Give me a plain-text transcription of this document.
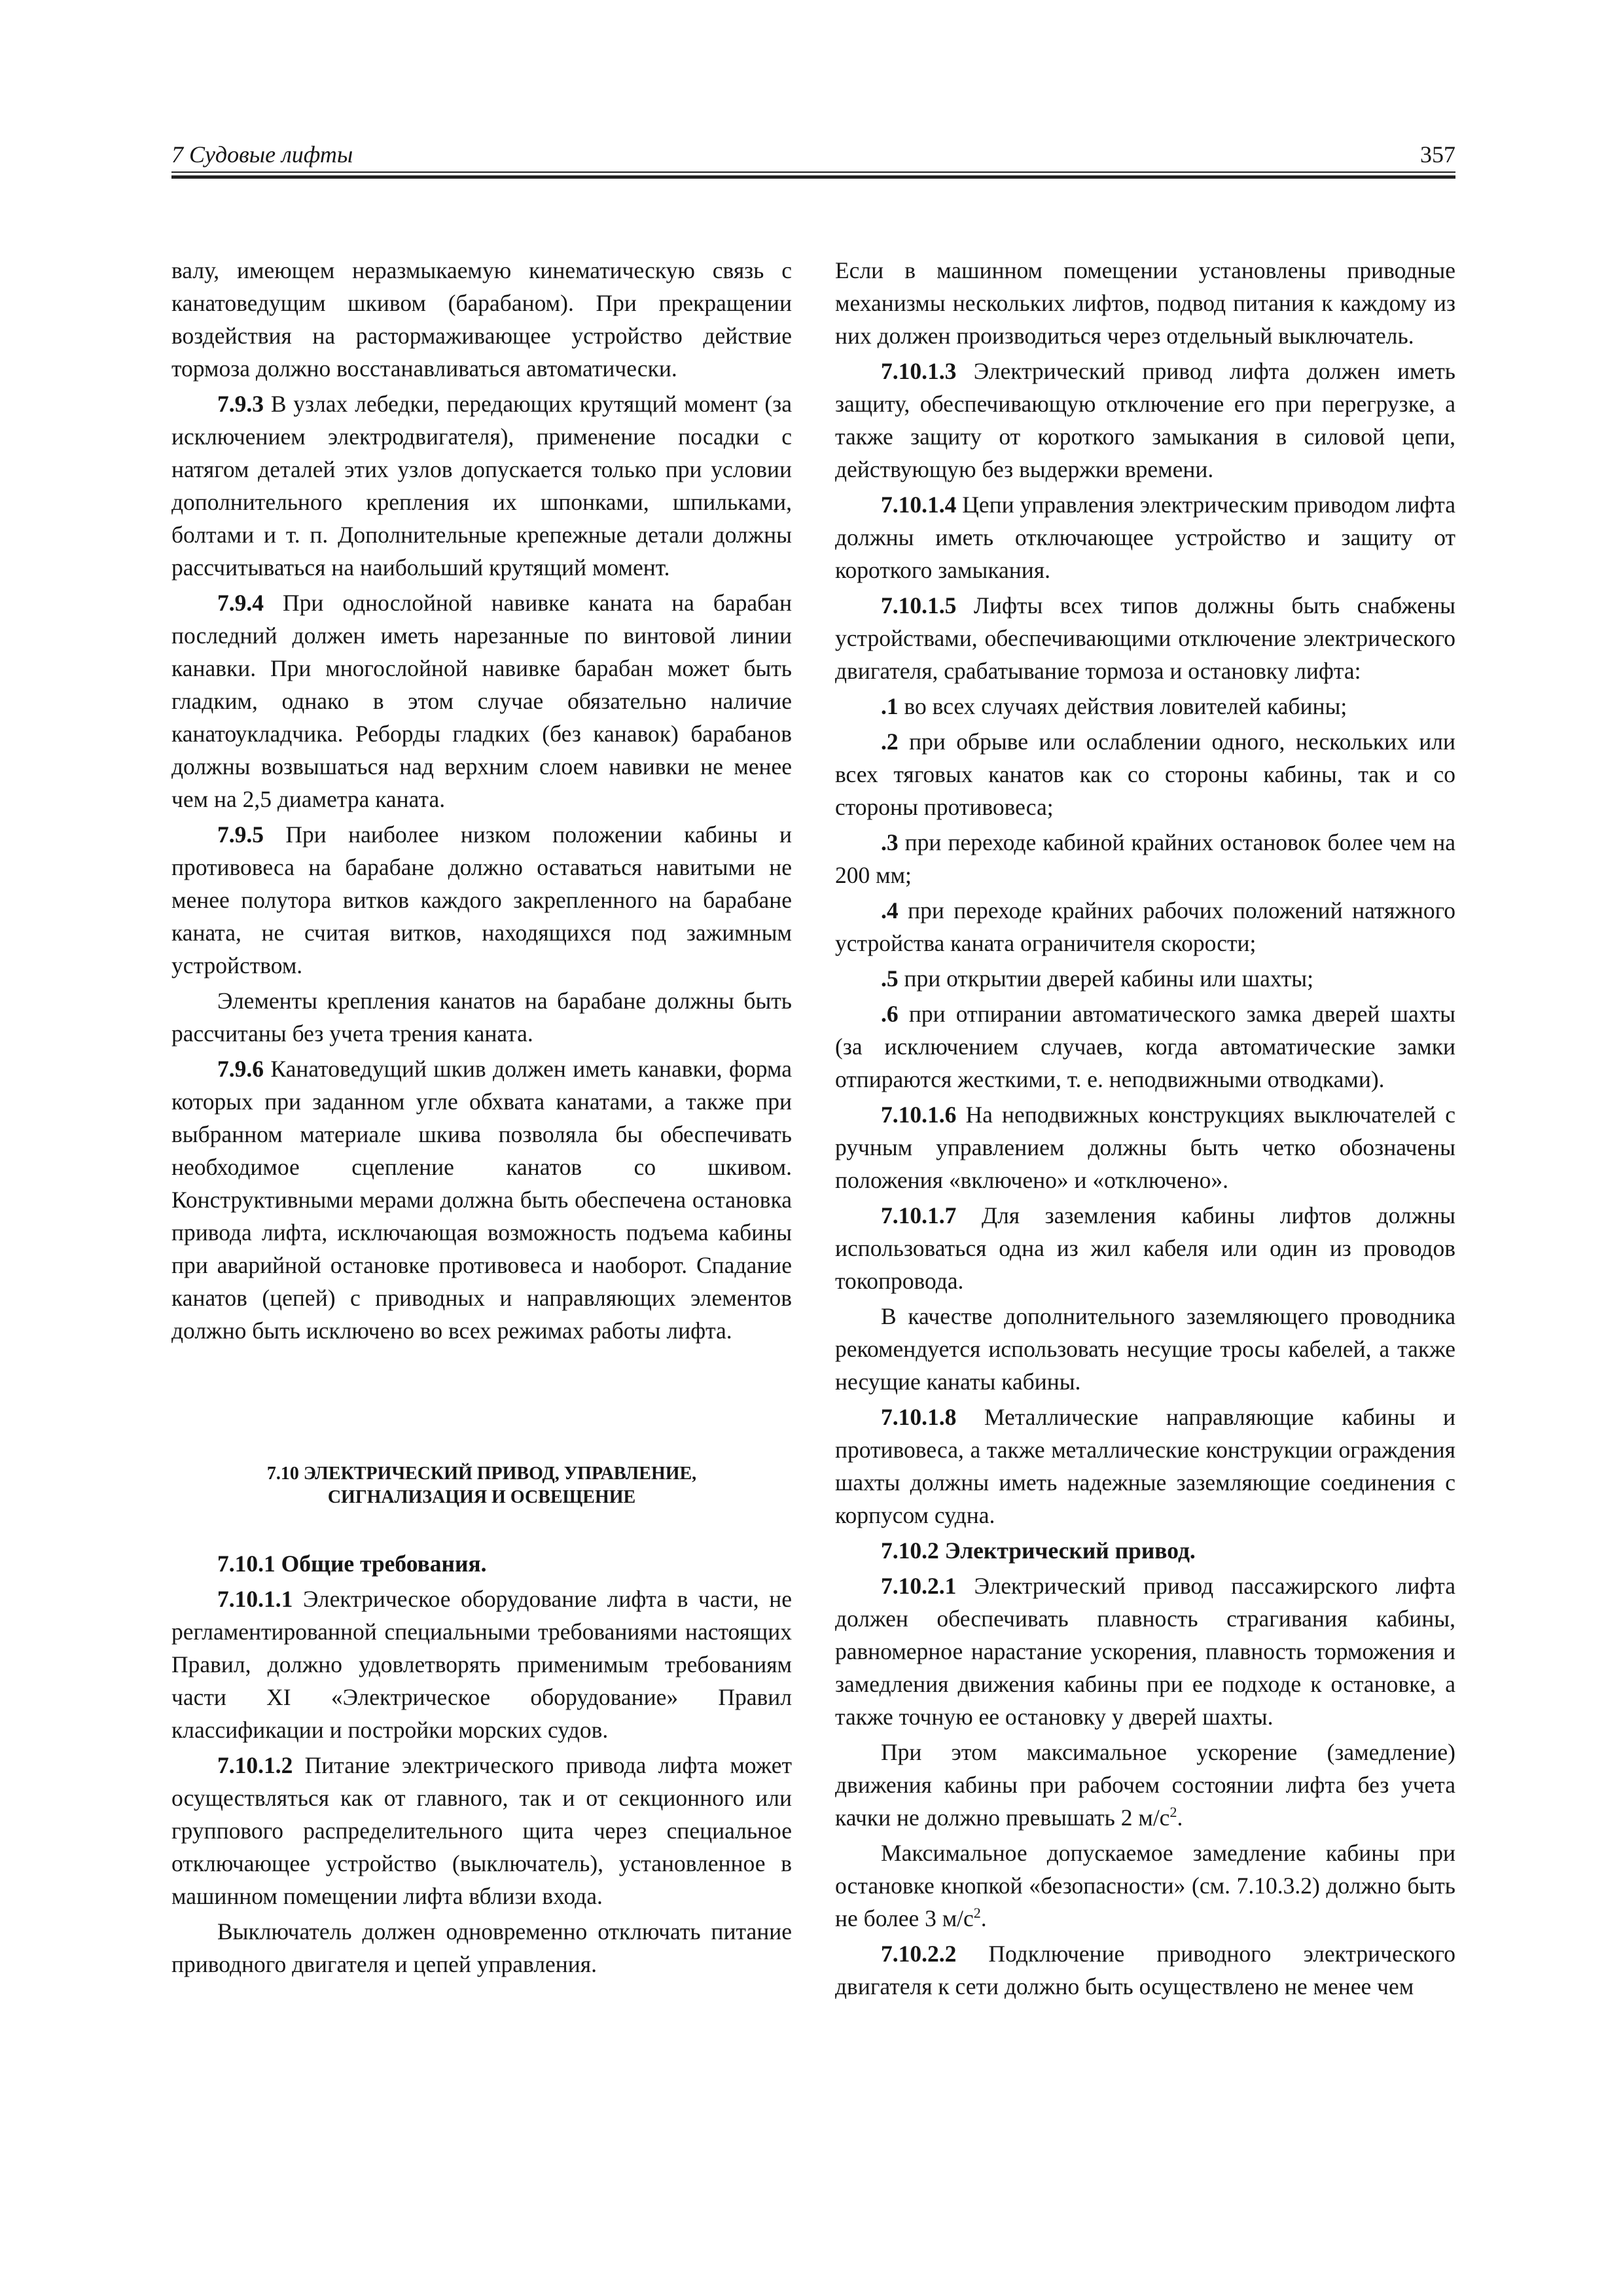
7 Судовые лифты	357

валу, имеющем неразмыкаемую кинематическую связь с канатоведущим шкивом (барабаном). При прекращении воздействия на растормаживающее устройство действие тормоза должно восстанавливаться автоматически.

7.9.3 В узлах лебедки, передающих крутящий момент (за исключением электродвигателя), применение посадки с натягом деталей этих узлов допускается только при условии дополнительного крепления их шпонками, шпильками, болтами и т. п. Дополнительные крепежные детали должны рассчитываться на наибольший крутящий момент.

7.9.4 При однослойной навивке каната на барабан последний должен иметь нарезанные по винтовой линии канавки. При многослойной навивке барабан может быть гладким, однако в этом случае обязательно наличие канатоукладчика. Реборды гладких (без канавок) барабанов должны возвышаться над верхним слоем навивки не менее чем на 2,5 диаметра каната.

7.9.5 При наиболее низком положении кабины и противовеса на барабане должно оставаться навитыми не менее полутора витков каждого закрепленного на барабане каната, не считая витков, находящихся под зажимным устройством.

Элементы крепления канатов на барабане должны быть рассчитаны без учета трения каната.

7.9.6 Канатоведущий шкив должен иметь канавки, форма которых при заданном угле обхвата канатами, а также при выбранном материале шкива позволяла бы обеспечивать необходимое сцепление канатов со шкивом. Конструктивными мерами должна быть обеспечена остановка привода лифта, исключающая возможность подъема кабины при аварийной остановке противовеса и наоборот. Спадание канатов (цепей) с приводных и направляющих элементов должно быть исключено во всех режимах работы лифта.

7.10 ЭЛЕКТРИЧЕСКИЙ ПРИВОД, УПРАВЛЕНИЕ,
СИГНАЛИЗАЦИЯ И ОСВЕЩЕНИЕ

7.10.1 Общие требования.

7.10.1.1 Электрическое оборудование лифта в части, не регламентированной специальными требованиями настоящих Правил, должно удовлетворять применимым требованиям части XI «Электрическое оборудование» Правил классификации и постройки морских судов.

7.10.1.2 Питание электрического привода лифта может осуществляться как от главного, так и от секционного или группового распределительного щита через специальное отключающее устройство (выключатель), установленное в машинном помещении лифта вблизи входа.

Выключатель должен одновременно отключать питание приводного двигателя и цепей управления.

Если в машинном помещении установлены приводные механизмы нескольких лифтов, подвод питания к каждому из них должен производиться через отдельный выключатель.

7.10.1.3 Электрический привод лифта должен иметь защиту, обеспечивающую отключение его при перегрузке, а также защиту от короткого замыкания в силовой цепи, действующую без выдержки времени.

7.10.1.4 Цепи управления электрическим приводом лифта должны иметь отключающее устройство и защиту от короткого замыкания.

7.10.1.5 Лифты всех типов должны быть снабжены устройствами, обеспечивающими отключение электрического двигателя, срабатывание тормоза и остановку лифта:

.1 во всех случаях действия ловителей кабины;

.2 при обрыве или ослаблении одного, нескольких или всех тяговых канатов как со стороны кабины, так и со стороны противовеса;

.3 при переходе кабиной крайних остановок более чем на 200 мм;

.4 при переходе крайних рабочих положений натяжного устройства каната ограничителя скорости;

.5 при открытии дверей кабины или шахты;

.6 при отпирании автоматического замка дверей шахты (за исключением случаев, когда автоматические замки отпираются жесткими, т. е. неподвижными отводками).

7.10.1.6 На неподвижных конструкциях выключателей с ручным управлением должны быть четко обозначены положения «включено» и «отключено».

7.10.1.7 Для заземления кабины лифтов должны использоваться одна из жил кабеля или один из проводов токопровода.

В качестве дополнительного заземляющего проводника рекомендуется использовать несущие тросы кабелей, а также несущие канаты кабины.

7.10.1.8 Металлические направляющие кабины и противовеса, а также металлические конструкции ограждения шахты должны иметь надежные заземляющие соединения с корпусом судна.

7.10.2 Электрический привод.

7.10.2.1 Электрический привод пассажирского лифта должен обеспечивать плавность страгивания кабины, равномерное нарастание ускорения, плавность торможения и замедления движения кабины при ее подходе к остановке, а также точную ее остановку у дверей шахты.

При этом максимальное ускорение (замедление) движения кабины при рабочем состоянии лифта без учета качки не должно превышать 2 $м/с^2$.

Максимальное допускаемое замедление кабины при остановке кнопкой «безопасности» (см. 7.10.3.2) должно быть не более 3 $м/с^2$.

7.10.2.2 Подключение приводного электрического двигателя к сети должно быть осуществлено не менее чем
